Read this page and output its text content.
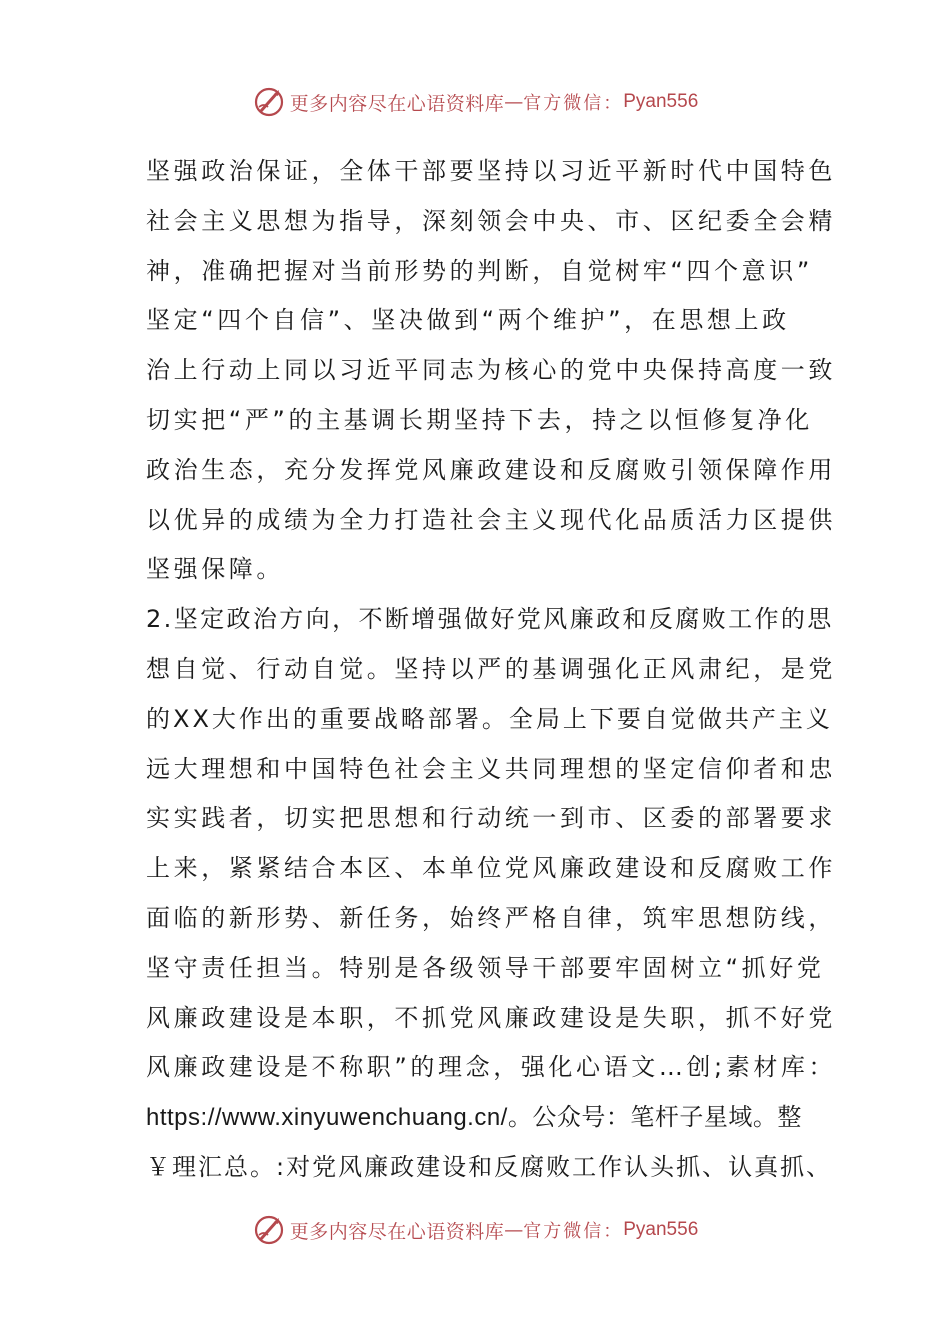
更多内容尽在心语资料库 — 官方微信： Pyan556
坚强政治保证，全体干部要坚持以习近平新时代中国特色
社会主义思想为指导，深刻领会中央、市、区纪委全会精
神，准确把握对当前形势的判断，自觉树牢“四个意识”
坚定“四个自信”、坚决做到“两个维护”，在思想上政
治上行动上同以习近平同志为核心的党中央保持高度一致
切实把“严”的主基调长期坚持下去，持之以恒修复净化
政治生态，充分发挥党风廉政建设和反腐败引领保障作用
以优异的成绩为全力打造社会主义现代化品质活力区提供
坚强保障。
2.坚定政治方向，不断增强做好党风廉政和反腐败工作的思
想自觉、行动自觉。坚持以严的基调强化正风肃纪，是党
的XX大作出的重要战略部署。全局上下要自觉做共产主义
远大理想和中国特色社会主义共同理想的坚定信仰者和忠
实实践者，切实把思想和行动统一到市、区委的部署要求
上来，紧紧结合本区、本单位党风廉政建设和反腐败工作
面临的新形势、新任务，始终严格自律，筑牢思想防线，
坚守责任担当。特别是各级领导干部要牢固树立“抓好党
风廉政建设是本职，不抓党风廉政建设是失职，抓不好党
风廉政建设是不称职”的理念，强化心语文…创;素材库：
https://www.xinyuwenchuang.cn/。公众号：笔杆子星域。整
￥理汇总。:对党风廉政建设和反腐败工作认头抓、认真抓、
更多内容尽在心语资料库 — 官方微信： Pyan556
